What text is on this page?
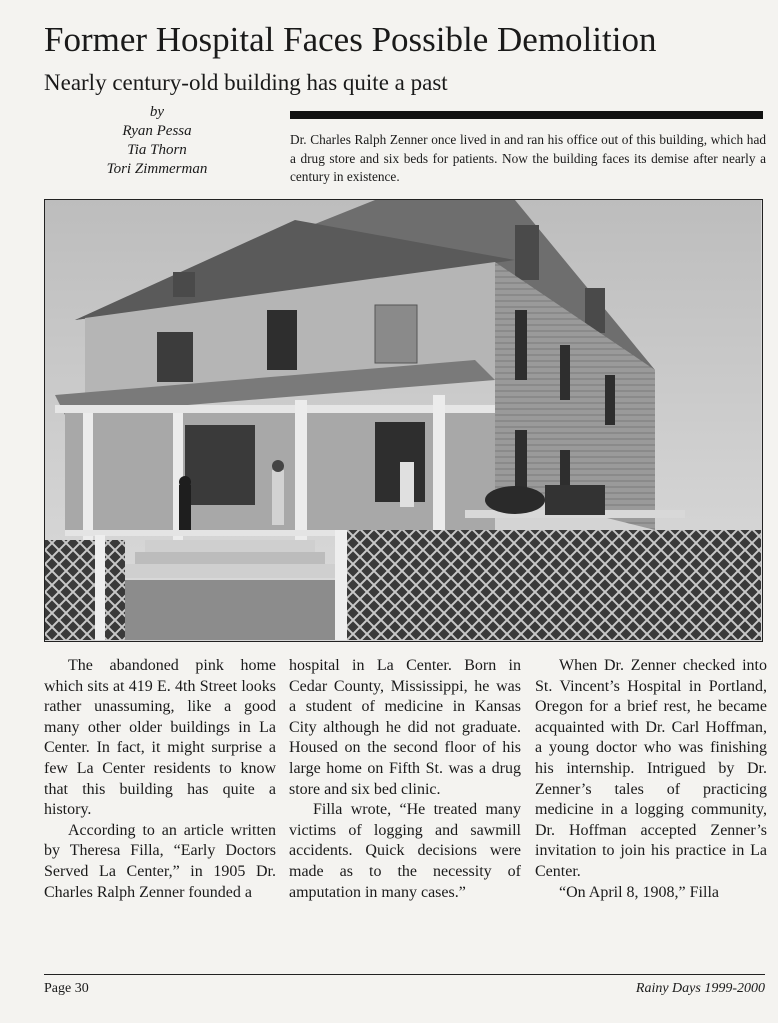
Former Hospital Faces Possible Demolition
Nearly century-old building has quite a past
by
Ryan Pessa
Tia Thorn
Tori Zimmerman
Dr. Charles Ralph Zenner once lived in and ran his office out of this building, which had a drug store and six beds for patients. Now the building faces its demise after nearly a century in existence.

The abandoned pink home which sits at 419 E. 4th Street looks rather unassuming, like a good many other older buildings in La Center. In fact, it might surprise a few La Center residents to know that this building has quite a history.

According to an article written by Theresa Filla, “Early Doctors Served La Center,” in 1905 Dr. Charles Ralph Zenner founded a

hospital in La Center. Born in Cedar County, Mississippi, he was a student of medicine in Kansas City although he did not graduate. Housed on the second floor of his large home on Fifth St. was a drug store and six bed clinic.

Filla wrote, “He treated many victims of logging and sawmill accidents. Quick decisions were made as to the necessity of amputation in many cases.”

When Dr. Zenner checked into St. Vincent’s Hospital in Portland, Oregon for a brief rest, he became acquainted with Dr. Carl Hoffman, a young doctor who was finishing his internship. Intrigued by Dr. Zenner’s tales of practicing medicine in a logging community, Dr. Hoffman accepted Zenner’s invitation to join his practice in La Center.

“On April 8, 1908,” Filla

Page 30	Rainy Days 1999-2000
